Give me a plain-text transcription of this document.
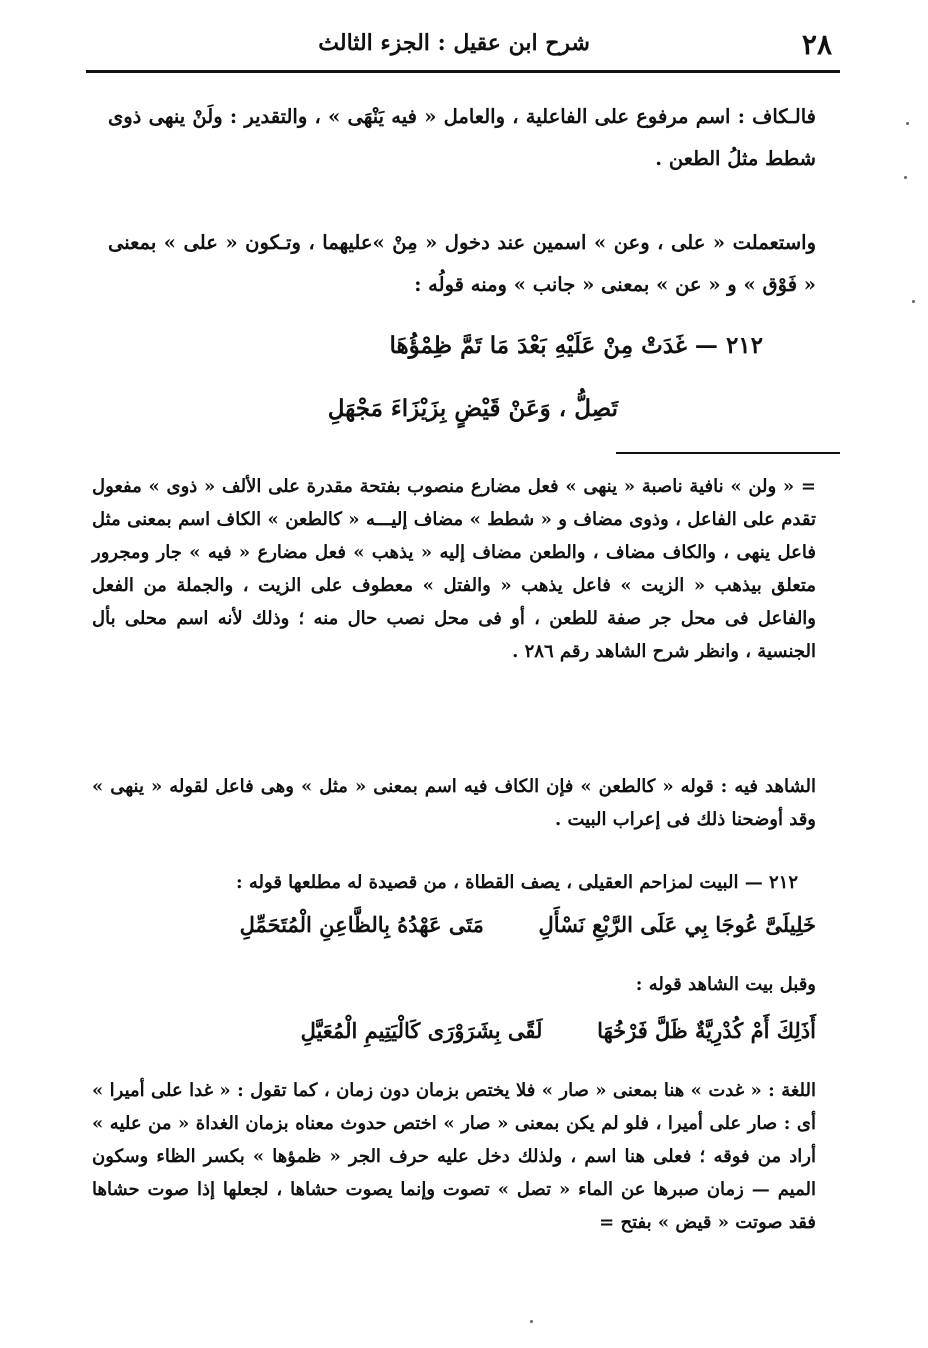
٢٨
شرح ابن عقيل : الجزء الثالث

فالـكاف : اسم مرفوع على الفاعلية ، والعامل « فيه يَنْهَى » ، والتقدير : ولَنْ ينهى ذوى شطط مثلُ الطعن .

واستعملت « على ، وعن » اسمين عند دخول « مِنْ »عليهما ، وتـكون « على » بمعنى « فَوْق » و « عن » بمعنى « جانب » ومنه قولُه :

٢١٢ — غَدَتْ مِنْ عَلَيْهِ بَعْدَ مَا تَمَّ ظِمْؤُهَا
تَصِلُّ ، وَعَنْ قَيْضٍ بِزَيْزَاءَ مَجْهَلِ

= « ولن » نافية ناصبة « ينهى » فعل مضارع منصوب بفتحة مقدرة على الألف « ذوى » مفعول تقدم على الفاعل ، وذوى مضاف و « شطط » مضاف إليـــه « كالطعن » الكاف اسم بمعنى مثل فاعل ينهى ، والكاف مضاف ، والطعن مضاف إليه « يذهب » فعل مضارع « فيه » جار ومجرور متعلق بيذهب « الزيت » فاعل يذهب « والفتل » معطوف على الزيت ، والجملة من الفعل والفاعل فى محل جر صفة للطعن ، أو فى محل نصب حال منه ؛ وذلك لأنه اسم محلى بأل الجنسية ، وانظر شرح الشاهد رقم ٢٨٦ .

الشاهد فيه : قوله « كالطعن » فإن الكاف فيه اسم بمعنى « مثل » وهى فاعل لقوله « ينهى » وقد أوضحنا ذلك فى إعراب البيت .

٢١٢ — البيت لمزاحم العقيلى ، يصف القطاة ، من قصيدة له مطلعها قوله :

خَلِيلَىَّ عُوجَا بِي عَلَى الرَّبْعِ نَسْأَلِ  مَتَى عَهْدُهُ بِالظَّاعِنِ الْمُتَحَمِّلِ

وقبل بيت الشاهد قوله :

أَذَلِكَ أَمْ كُدْرِيَّةٌ ظَلَّ فَرْخُهَا  لَقًى بِشَرَوْرَى كَالْيَتِيمِ الْمُعَيَّلِ

اللغة : « غدت » هنا بمعنى « صار » فلا يختص بزمان دون زمان ، كما تقول : « غدا على أميرا » أى : صار على أميرا ، فلو لم يكن بمعنى « صار » اختص حدوث معناه بزمان الغداة « من عليه » أراد من فوقه ؛ فعلى هنا اسم ، ولذلك دخل عليه حرف الجر « ظمؤها » بكسر الظاء وسكون الميم — زمان صبرها عن الماء « تصل » تصوت وإنما يصوت حشاها ، لجعلها إذا صوت حشاها فقد صوتت « قيض » بفتح =
